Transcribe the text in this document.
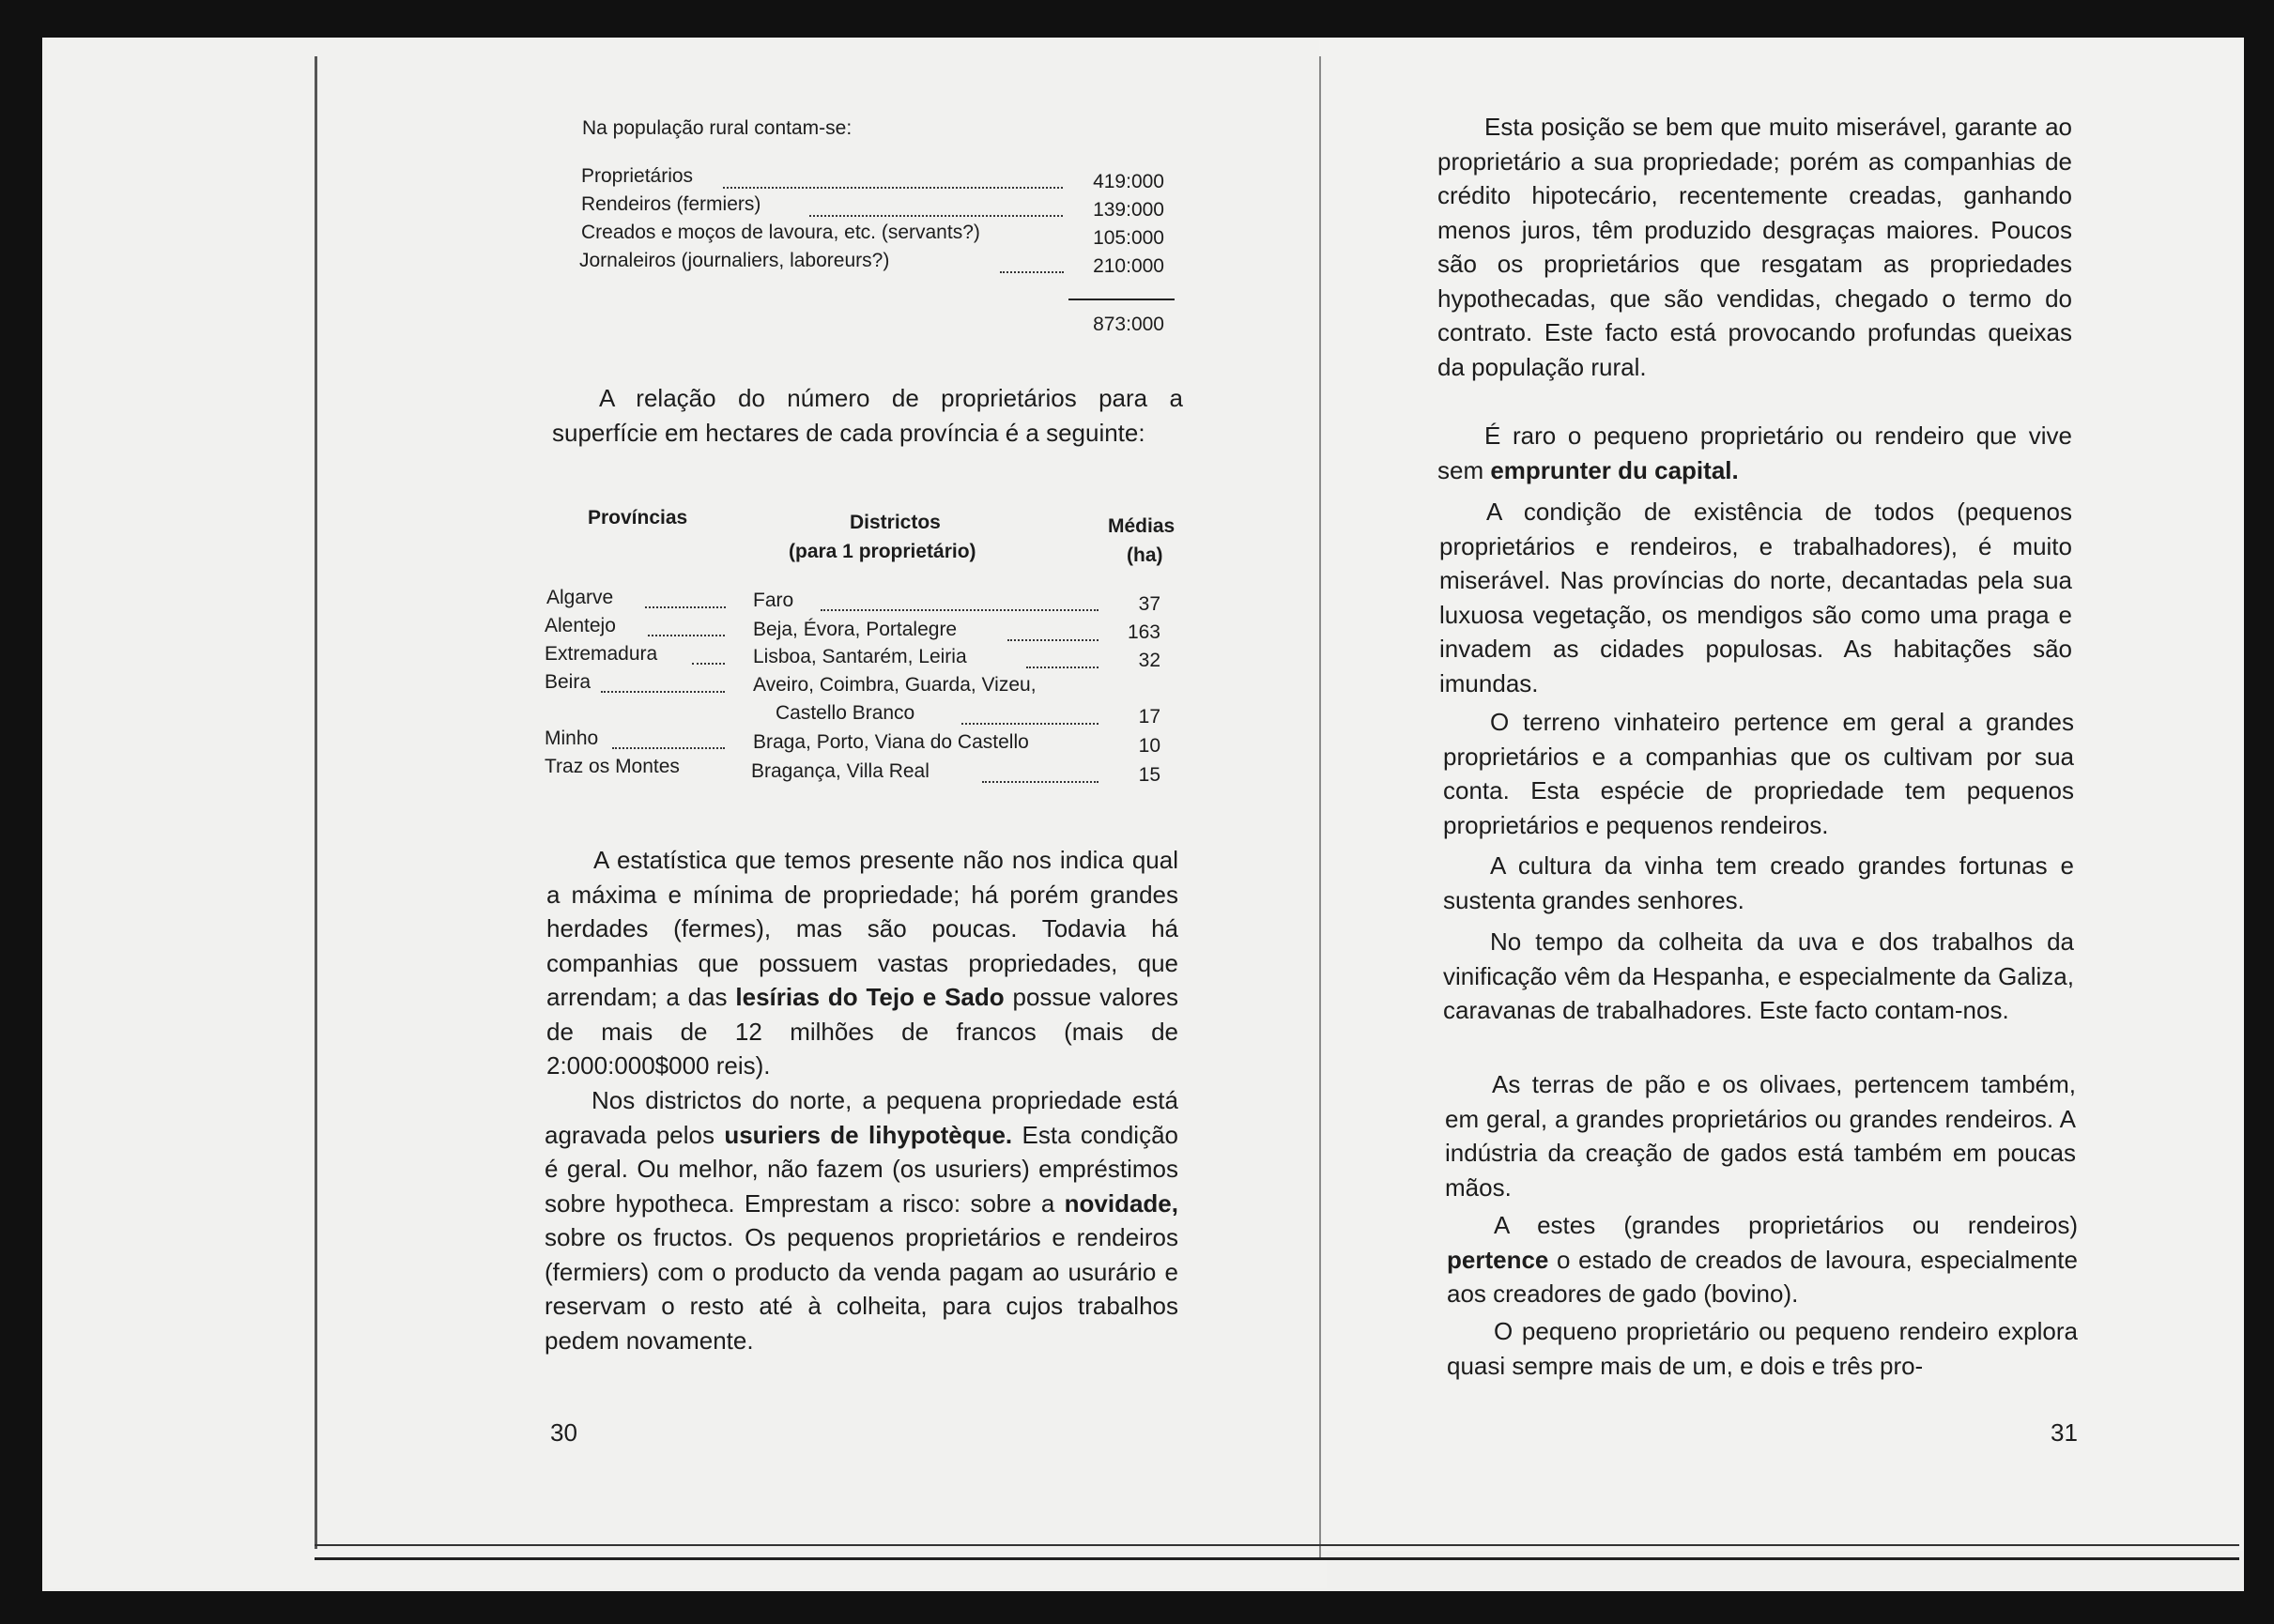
Na população rural contam-se:
Proprietários	419:000
Rendeiros (fermiers)	139:000
Creados e moços de lavoura, etc. (servants?)	105:000
Jornaleiros (journaliers, laboreurs?)	210:000
873:000
A relação do número de proprietários para a superfície em hectares de cada província é a seguinte:
Províncias	Districtos
(para 1 proprietário)
Médias
(ha)
Algarve	Faro	37
Alentejo	Beja, Évora, Portalegre	163
Extremadura	Lisboa, Santarém, Leiria	32
Beira	Aveiro, Coimbra, Guarda, Vizeu,
Castello Branco	17
Minho	Braga, Porto, Viana do Castello	10
Traz os Montes	Bragança, Villa Real	15
A estatística que temos presente não nos indica qual a máxima e mínima de propriedade; há porém grandes herdades (fermes), mas são poucas. Todavia há companhias que possuem vastas propriedades, que arrendam; a das lesírias do Tejo e Sado possue valores de mais de 12 milhões de francos (mais de 2:000:000$000 reis).
Nos districtos do norte, a pequena propriedade está agravada pelos usuriers de lihypotèque. Esta condição é geral. Ou melhor, não fazem (os usuriers) empréstimos sobre hypotheca. Emprestam a risco: sobre a novidade, sobre os fructos. Os pequenos proprietários e rendeiros (fermiers) com o producto da venda pagam ao usurário e reservam o resto até à colheita, para cujos trabalhos pedem novamente.
30
Esta posição se bem que muito miserável, garante ao proprietário a sua propriedade; porém as companhias de crédito hipotecário, recentemente creadas, ganhando menos juros, têm produzido desgraças maiores. Poucos são os proprietários que resgatam as propriedades hypothecadas, que são vendidas, chegado o termo do contrato. Este facto está provocando profundas queixas da população rural.
É raro o pequeno proprietário ou rendeiro que vive sem emprunter du capital.
A condição de existência de todos (pequenos proprietários e rendeiros, e trabalhadores), é muito miserável. Nas províncias do norte, decantadas pela sua luxuosa vegetação, os mendigos são como uma praga e invadem as cidades populosas. As habitações são imundas.
O terreno vinhateiro pertence em geral a grandes proprietários e a companhias que os cultivam por sua conta. Esta espécie de propriedade tem pequenos proprietários e pequenos rendeiros.
A cultura da vinha tem creado grandes fortunas e sustenta grandes senhores.
No tempo da colheita da uva e dos trabalhos da vinificação vêm da Hespanha, e especialmente da Galiza, caravanas de trabalhadores. Este facto contam-nos.
As terras de pão e os olivaes, pertencem também, em geral, a grandes proprietários ou grandes rendeiros. A indústria da creação de gados está também em poucas mãos.
A estes (grandes proprietários ou rendeiros) pertence o estado de creados de lavoura, especialmente aos creadores de gado (bovino).
O pequeno proprietário ou pequeno rendeiro explora quasi sempre mais de um, e dois e três pro-
31
